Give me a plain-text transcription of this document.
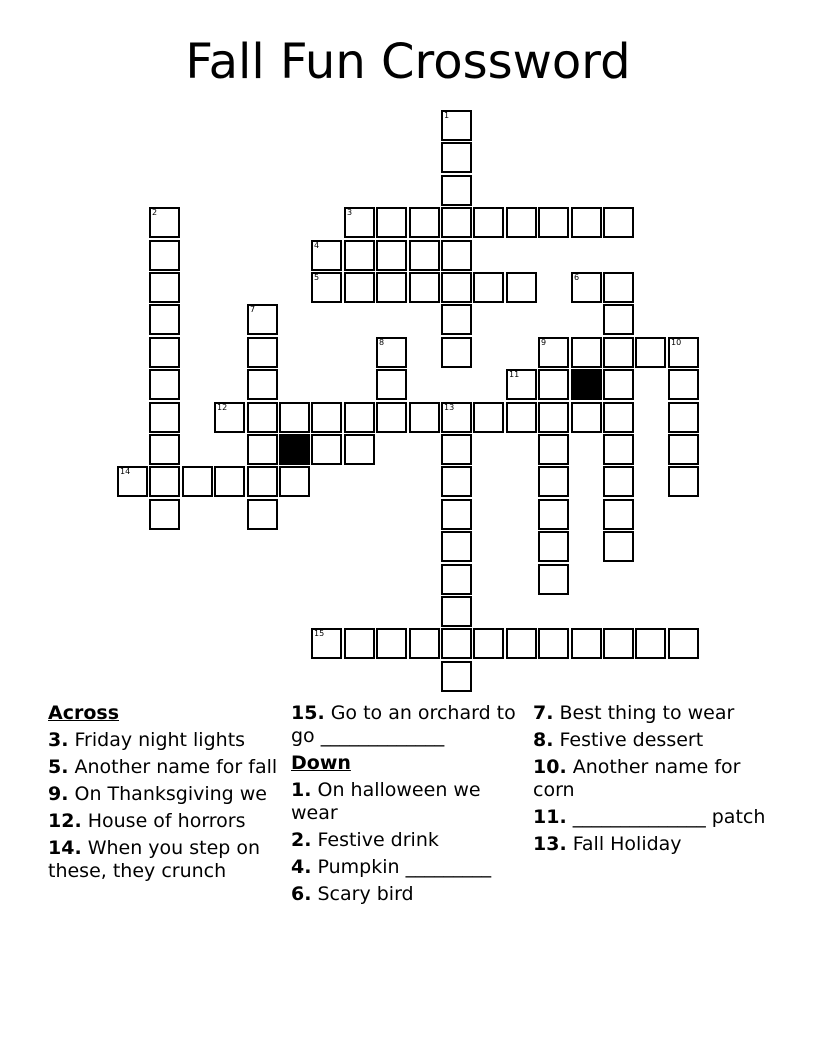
Fall Fun Crossword
1
2	3
4
5
7
10
8	9
12	13
14
15
6
11
Across
3. Friday night lights
5. Another name for fall
9. On Thanksgiving we
12. House of horrors
14. When you step on these, they crunch
15. Go to an orchard to go _____________
Down
1. On halloween we wear
2. Festive drink
4. Pumpkin _________
6. Scary bird
7. Best thing to wear
8. Festive dessert
10. Another name for corn
11. ______________ patch
13. Fall Holiday
